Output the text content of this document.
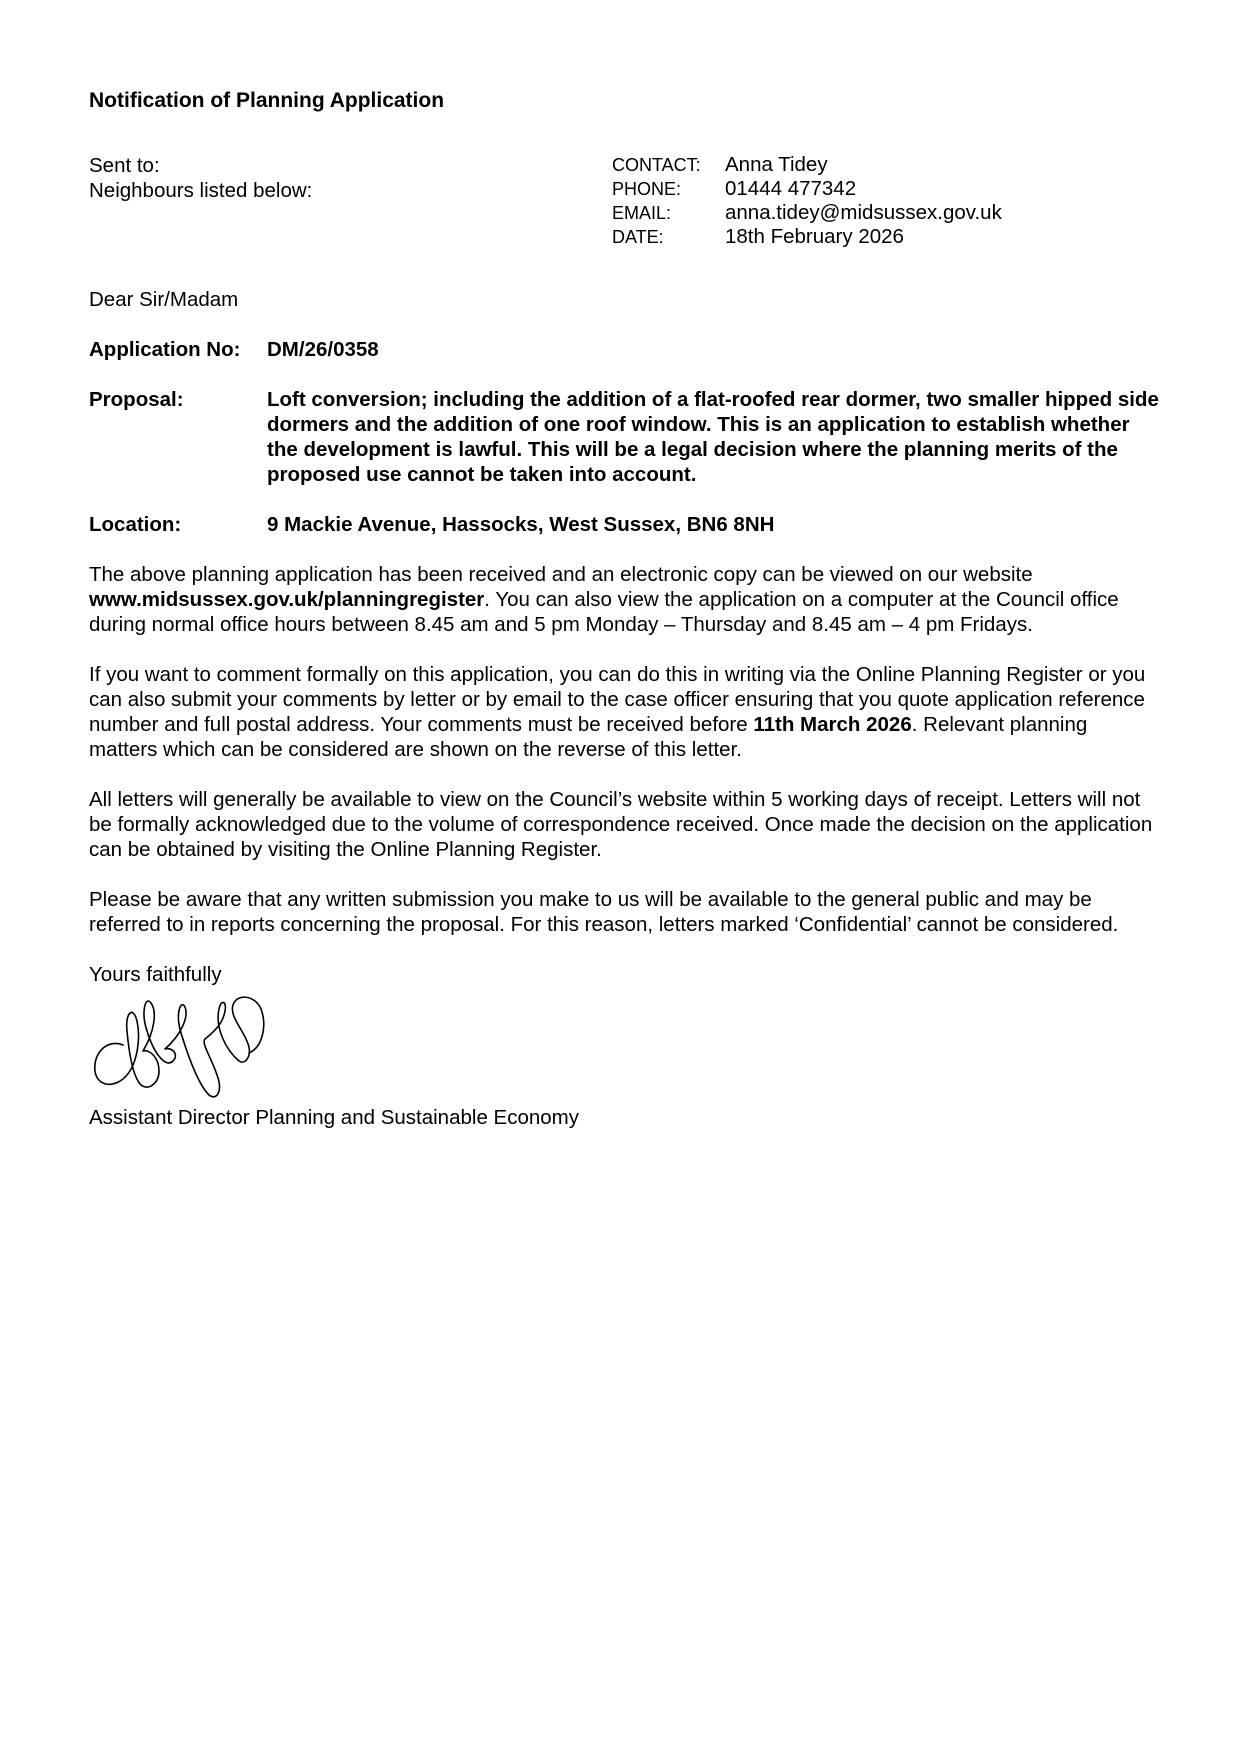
Notification of Planning Application

Sent to:
Neighbours listed below:
CONTACT:	Anna Tidey
PHONE:	01444 477342
EMAIL:	anna.tidey@midsussex.gov.uk
DATE:	18th February 2026
Dear Sir/Madam
Application No:	DM/26/0358
Proposal:	Loft conversion; including the addition of a flat-roofed rear dormer, two smaller hipped side dormers and the addition of one roof window. This is an application to establish whether the development is lawful. This will be a legal decision where the planning merits of the proposed use cannot be taken into account.
Location:	9 Mackie Avenue, Hassocks, West Sussex, BN6 8NH
The above planning application has been received and an electronic copy can be viewed on our website www.midsussex.gov.uk/planningregister. You can also view the application on a computer at the Council office during normal office hours between 8.45 am and 5 pm Monday – Thursday and 8.45 am – 4 pm Fridays.
If you want to comment formally on this application, you can do this in writing via the Online Planning Register or you can also submit your comments by letter or by email to the case officer ensuring that you quote application reference number and full postal address. Your comments must be received before 11th March 2026. Relevant planning matters which can be considered are shown on the reverse of this letter.
All letters will generally be available to view on the Council’s website within 5 working days of receipt. Letters will not be formally acknowledged due to the volume of correspondence received. Once made the decision on the application can be obtained by visiting the Online Planning Register.
Please be aware that any written submission you make to us will be available to the general public and may be referred to in reports concerning the proposal. For this reason, letters marked ‘Confidential’ cannot be considered.
Yours faithfully
Assistant Director Planning and Sustainable Economy
